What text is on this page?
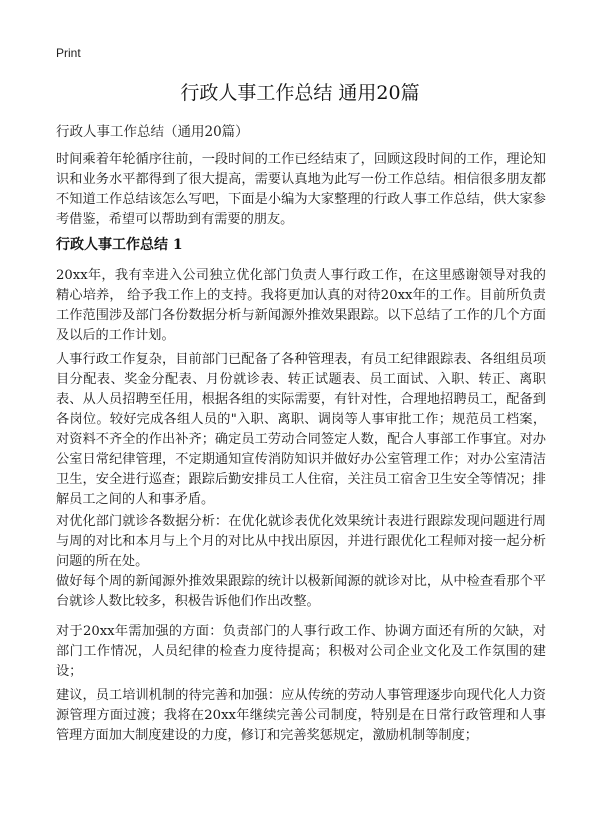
Print
行政人事工作总结 通用20篇
行政人事工作总结（通用20篇）

时间乘着年轮循序往前，一段时间的工作已经结束了，回顾这段时间的工作，理论知识和业务水平都得到了很大提高，需要认真地为此写一份工作总结。相信很多朋友都不知道工作总结该怎么写吧，下面是小编为大家整理的行政人事工作总结，供大家参考借鉴，希望可以帮助到有需要的朋友。

行政人事工作总结 1

20xx年，我有幸进入公司独立优化部门负责人事行政工作，在这里感谢领导对我的精心培养， 给予我工作上的支持。我将更加认真的对待20xx年的工作。目前所负责工作范围涉及部门各份数据分析与新闻源外推效果跟踪。以下总结了工作的几个方面及以后的工作计划。

人事行政工作复杂，目前部门已配备了各种管理表，有员工纪律跟踪表、各组组员项目分配表、奖金分配表、月份就诊表、转正试题表、员工面试、入职、转正、离职表、从人员招聘至任用，根据各组的实际需要，有针对性，合理地招聘员工，配备到各岗位。较好完成各组人员的"入职、离职、调岗等人事审批工作；规范员工档案，对资料不齐全的作出补齐；确定员工劳动合同签定人数，配合人事部工作事宜。对办公室日常纪律管理，不定期通知宣传消防知识并做好办公室管理工作；对办公室清洁卫生，安全进行巡查；跟踪后勤安排员工人住宿，关注员工宿舍卫生安全等情况；排解员工之间的人和事矛盾。

对优化部门就诊各数据分析：在优化就诊表优化效果统计表进行跟踪发现问题进行周与周的对比和本月与上个月的对比从中找出原因，并进行跟优化工程师对接一起分析问题的所在处。

做好每个周的新闻源外推效果跟踪的统计以极新闻源的就诊对比，从中检查看那个平台就诊人数比较多，积极告诉他们作出改整。

对于20xx年需加强的方面：负责部门的人事行政工作、协调方面还有所的欠缺，对部门工作情况，人员纪律的检查力度待提高；积极对公司企业文化及工作氛围的建设；

建议，员工培训机制的待完善和加强：应从传统的劳动人事管理逐步向现代化人力资源管理方面过渡；我将在20xx年继续完善公司制度，特别是在日常行政管理和人事管理方面加大制度建设的力度，修订和完善奖惩规定，激励机制等制度；
